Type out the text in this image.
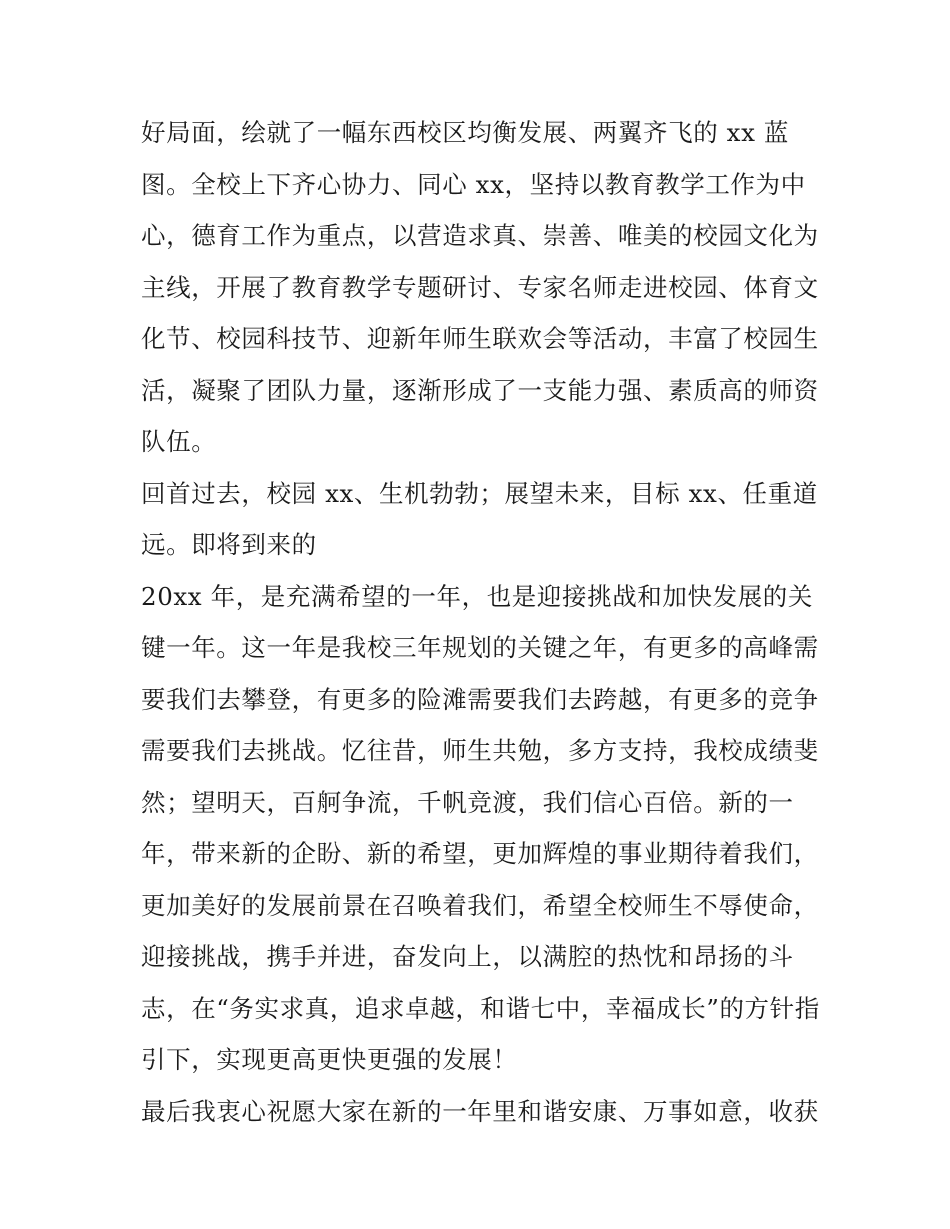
好局面，绘就了一幅东西校区均衡发展、两翼齐飞的 xx 蓝
图。全校上下齐心协力、同心 xx，坚持以教育教学工作为中
心，德育工作为重点，以营造求真、崇善、唯美的校园文化为
主线，开展了教育教学专题研讨、专家名师走进校园、体育文
化节、校园科技节、迎新年师生联欢会等活动，丰富了校园生
活，凝聚了团队力量，逐渐形成了一支能力强、素质高的师资
队伍。
回首过去，校园 xx、生机勃勃；展望未来，目标 xx、任重道
远。即将到来的
20xx 年，是充满希望的一年，也是迎接挑战和加快发展的关
键一年。这一年是我校三年规划的关键之年，有更多的高峰需
要我们去攀登，有更多的险滩需要我们去跨越，有更多的竞争
需要我们去挑战。忆往昔，师生共勉，多方支持，我校成绩斐
然；望明天，百舸争流，千帆竞渡，我们信心百倍。新的一
年，带来新的企盼、新的希望，更加辉煌的事业期待着我们，
更加美好的发展前景在召唤着我们，希望全校师生不辱使命，
迎接挑战，携手并进，奋发向上，以满腔的热忱和昂扬的斗
志，在“务实求真，追求卓越，和谐七中，幸福成长”的方针指
引下，实现更高更快更强的发展！
最后我衷心祝愿大家在新的一年里和谐安康、万事如意，收获
